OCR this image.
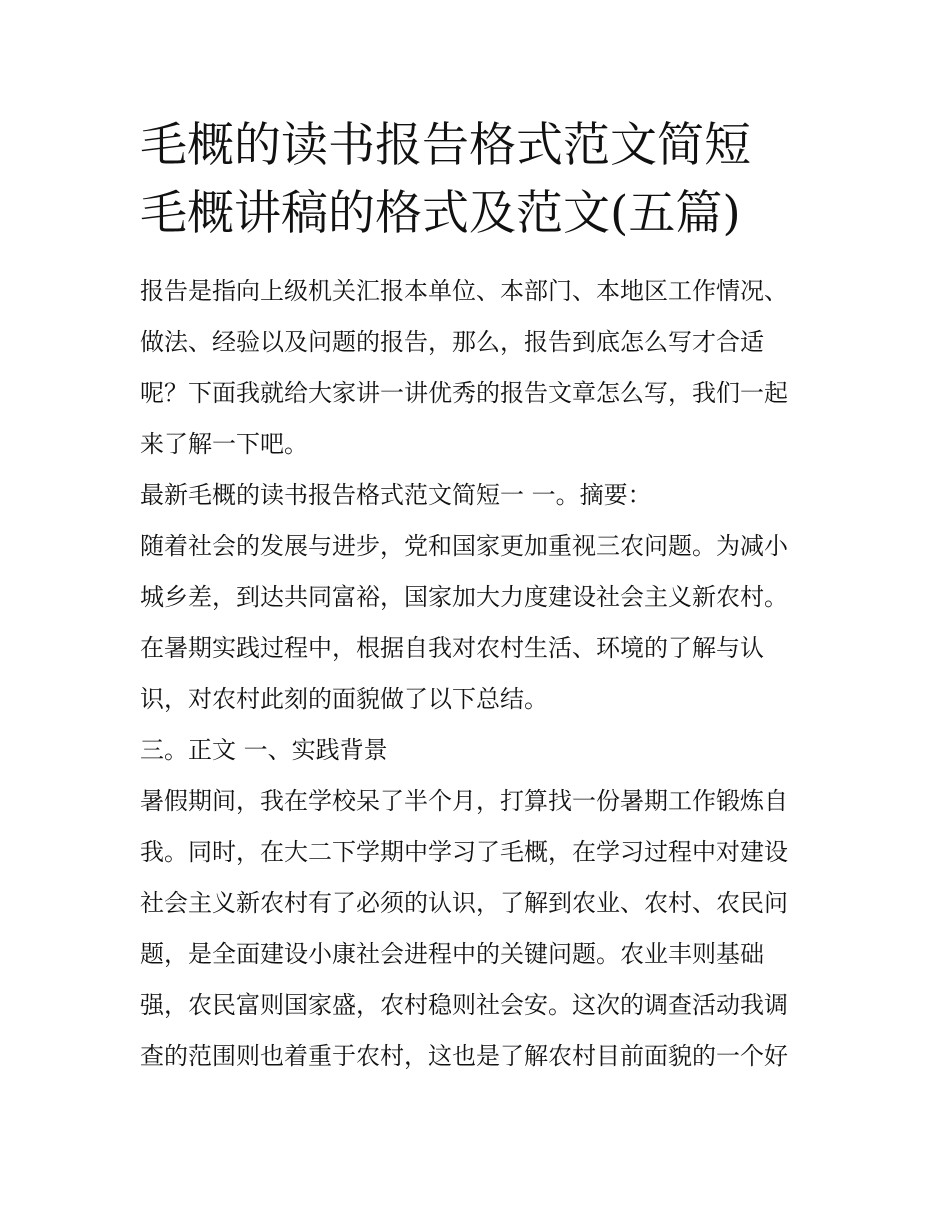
毛概的读书报告格式范文简短
毛概讲稿的格式及范文(五篇)

报告是指向上级机关汇报本单位、本部门、本地区工作情况、
做法、经验以及问题的报告，那么，报告到底怎么写才合适
呢？下面我就给大家讲一讲优秀的报告文章怎么写，我们一起
来了解一下吧。

最新毛概的读书报告格式范文简短一 一。摘要：

随着社会的发展与进步，党和国家更加重视三农问题。为减小
城乡差，到达共同富裕，国家加大力度建设社会主义新农村。
在暑期实践过程中，根据自我对农村生活、环境的了解与认
识，对农村此刻的面貌做了以下总结。

三。正文 一、实践背景

暑假期间，我在学校呆了半个月，打算找一份暑期工作锻炼自
我。同时，在大二下学期中学习了毛概，在学习过程中对建设
社会主义新农村有了必须的认识，了解到农业、农村、农民问
题，是全面建设小康社会进程中的关键问题。农业丰则基础
强，农民富则国家盛，农村稳则社会安。这次的调查活动我调
查的范围则也着重于农村，这也是了解农村目前面貌的一个好
